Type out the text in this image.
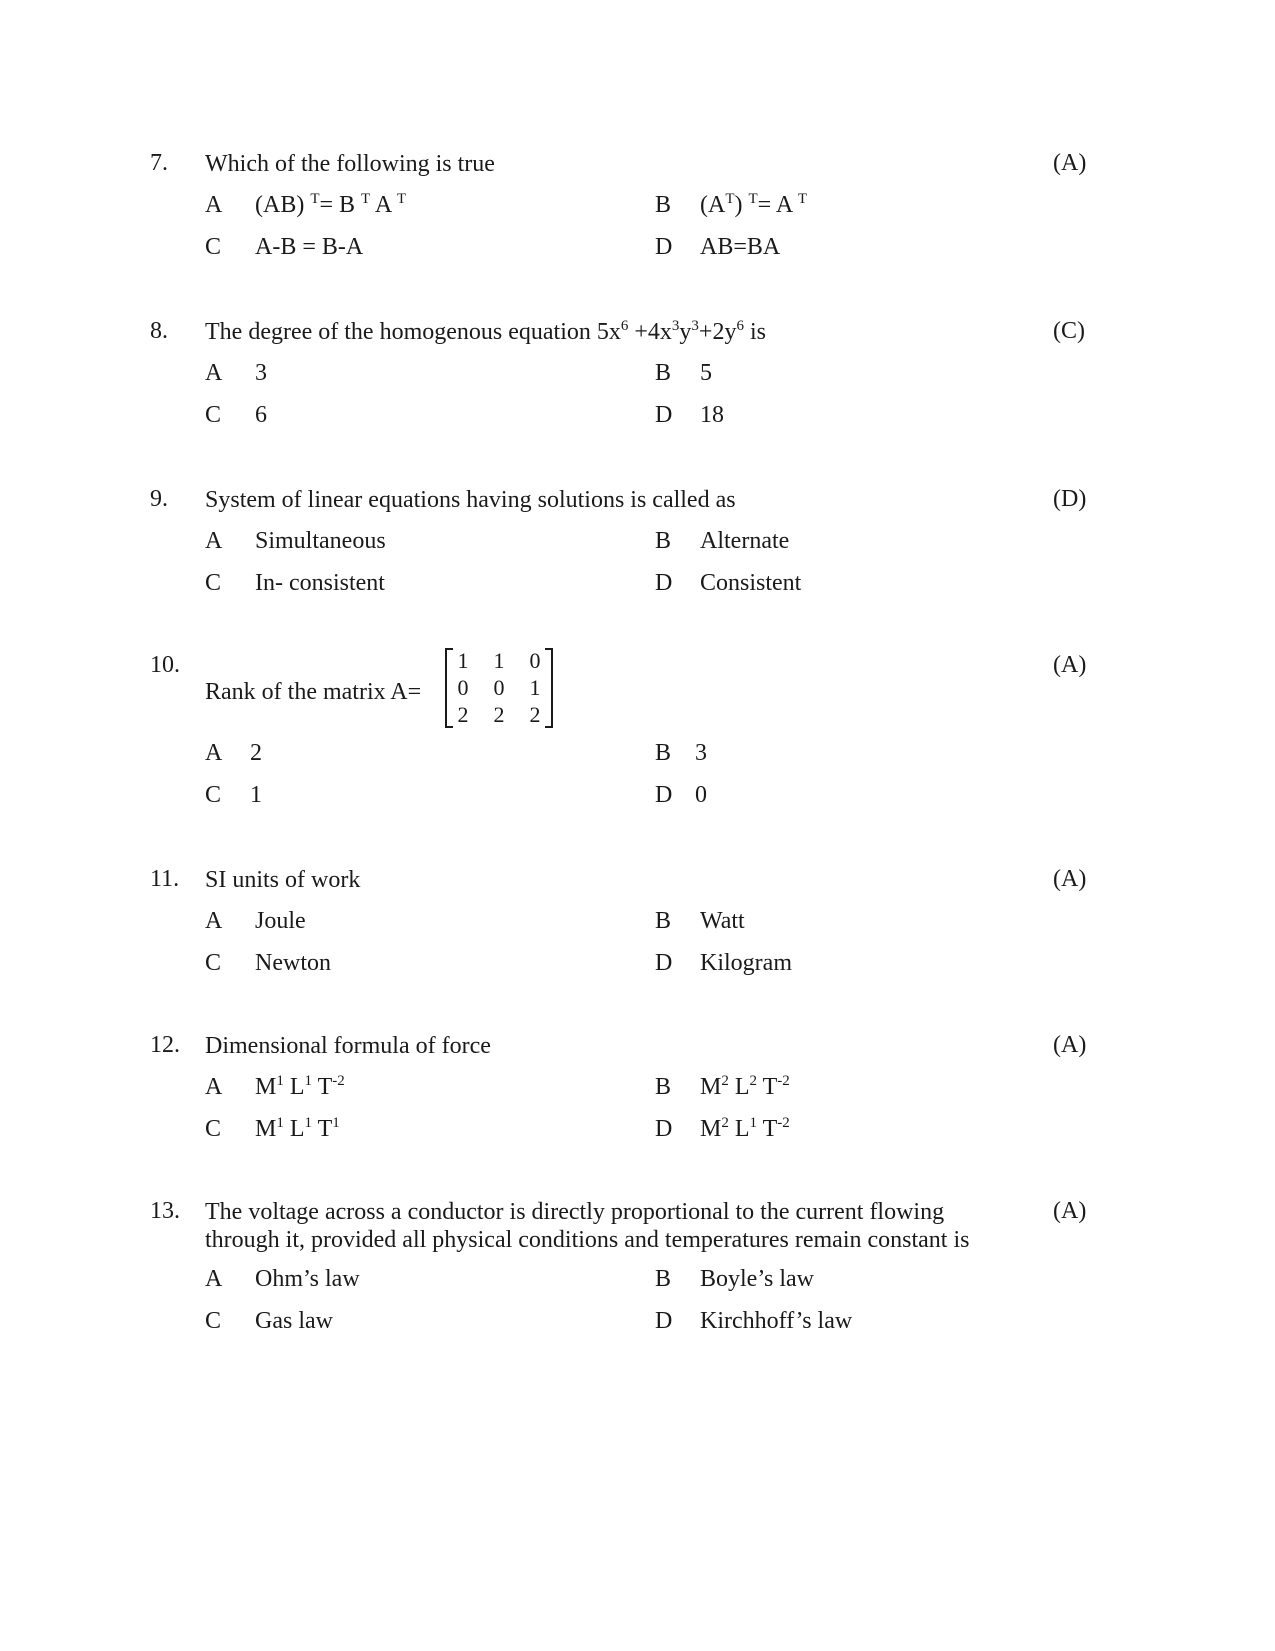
7. Which of the following is true	(A)
A (AB) $^T$= B $^T$ A $^T$	B $(A^T)$ $^T$= A $^T$
C A-B = B-A	D AB=BA
8. The degree of the homogenous equation $5x^6 +4x^3y^3+2y^6$ is	(C)
A 3	B 5
C 6	D 18
9. System of linear equations having solutions is called as	(D)
A Simultaneous	B Alternate
C In- consistent	D Consistent
10.
Rank of the matrix A=
1 1 0
0 0 1
2 2 2
(A)
A 2	B 3
C 1	D 0
11. SI units of work	(A)
A Joule	B Watt
C Newton	D Kilogram
12. Dimensional formula of force	(A)
A $M^1$ $L^1$ $T^{-2}$	B $M^2$ $L^2$ $T^{-2}$
C $M^1$ $L^1$ $T^1$	D $M^2$ $L^1$ $T^{-2}$
13. The voltage across a conductor is directly proportional to the current flowing through it, provided all physical conditions and temperatures remain constant is
(A)
A Ohm’s law	B Boyle’s law
C Gas law	D Kirchhoff’s law
